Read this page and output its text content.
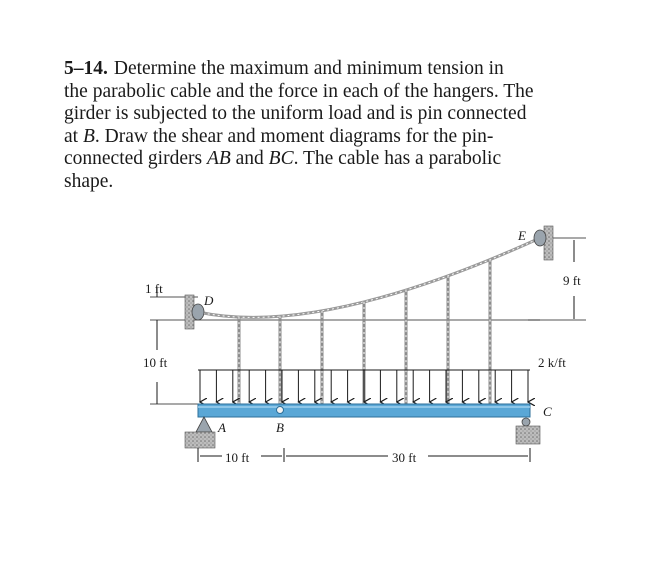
5–14. Determine the maximum and minimum tension in

the parabolic cable and the force in each of the hangers. The

girder is subjected to the uniform load and is pin connected

at B. Draw the shear and moment diagrams for the pin-

connected girders AB and BC. The cable has a parabolic

shape.

1 ft
10 ft
9 ft
2 k/ft
10 ft	30 ft
D
E
A	B
C
